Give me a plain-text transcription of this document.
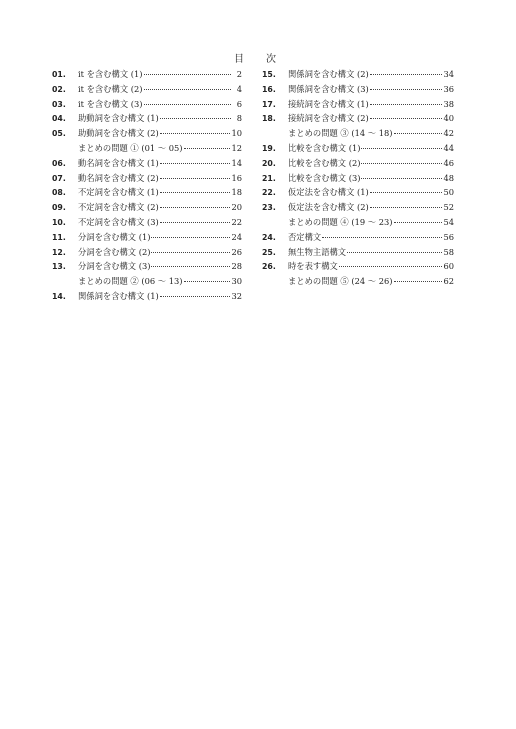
目　次
01.	it を含む構文 (1)	2
02.	it を含む構文 (2)	4
03.	it を含む構文 (3)	6
04.	助動詞を含む構文 (1)	8
05.	助動詞を含む構文 (2)	10
まとめの問題 ① (01 〜 05)	12
06.	動名詞を含む構文 (1)	14
07.	動名詞を含む構文 (2)	16
08.	不定詞を含む構文 (1)	18
09.	不定詞を含む構文 (2)	20
10.	不定詞を含む構文 (3)	22
11.	分詞を含む構文 (1)	24
12.	分詞を含む構文 (2)	26
13.	分詞を含む構文 (3)	28
まとめの問題 ② (06 〜 13)	30
14.	関係詞を含む構文 (1)	32
15.	関係詞を含む構文 (2)	34
16.	関係詞を含む構文 (3)	36
17.	接続詞を含む構文 (1)	38
18.	接続詞を含む構文 (2)	40
まとめの問題 ③ (14 〜 18)	42
19.	比較を含む構文 (1)	44
20.	比較を含む構文 (2)	46
21.	比較を含む構文 (3)	48
22.	仮定法を含む構文 (1)	50
23.	仮定法を含む構文 (2)	52
まとめの問題 ④ (19 〜 23)	54
24.	否定構文	56
25.	無生物主語構文	58
26.	時を表す構文	60
まとめの問題 ⑤ (24 〜 26)	62
